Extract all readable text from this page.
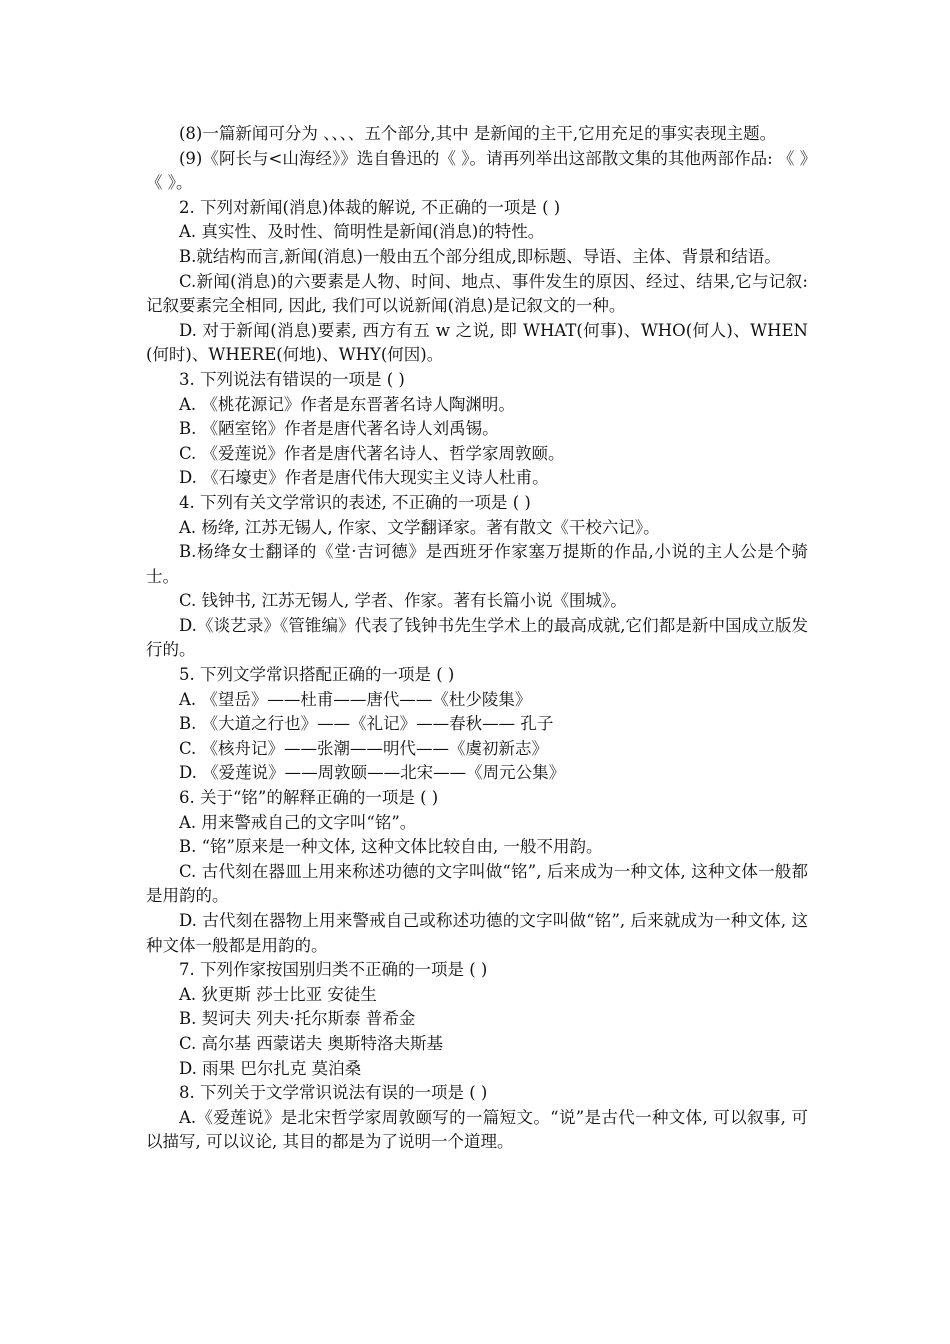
(8)一篇新闻可分为 、、、、五个部分,其中 是新闻的主干,它用充足的事实表现主题。

(9)《阿长与<山海经》》选自鲁迅的《 》。请再列举出这部散文集的其他两部作品: 《 》《 》。

2. 下列对新闻(消息)体裁的解说, 不正确的一项是 ( )

A. 真实性、及时性、简明性是新闻(消息)的特性。

B.就结构而言,新闻(消息)一般由五个部分组成,即标题、导语、主体、背景和结语。

C.新闻(消息)的六要素是人物、时间、地点、事件发生的原因、经过、结果,它与记叙: 记叙要素完全相同, 因此, 我们可以说新闻(消息)是记叙文的一种。

D. 对于新闻(消息)要素, 西方有五 w 之说, 即 WHAT(何事)、WHO(何人)、WHEN (何时)、WHERE(何地)、WHY(何因)。

3. 下列说法有错误的一项是 ( )

A. 《桃花源记》作者是东晋著名诗人陶渊明。

B. 《陋室铭》作者是唐代著名诗人刘禹锡。

C. 《爱莲说》作者是唐代著名诗人、哲学家周敦颐。

D. 《石壕吏》作者是唐代伟大现实主义诗人杜甫。

4. 下列有关文学常识的表述, 不正确的一项是 ( )

A. 杨绛, 江苏无锡人, 作家、文学翻译家。著有散文《干校六记》。

B.杨绛女士翻译的《堂·吉诃德》是西班牙作家塞万提斯的作品,小说的主人公是个骑士。

C. 钱钟书, 江苏无锡人, 学者、作家。著有长篇小说《围城》。

D.《谈艺录》《管锥编》代表了钱钟书先生学术上的最高成就,它们都是新中国成立版发行的。

5. 下列文学常识搭配正确的一项是 ( )

A. 《望岳》——杜甫——唐代——《杜少陵集》

B. 《大道之行也》——《礼记》——春秋—— 孔子

C. 《核舟记》——张潮——明代——《虞初新志》

D. 《爱莲说》——周敦颐——北宋——《周元公集》

6. 关于“铭”的解释正确的一项是 ( )

A. 用来警戒自己的文字叫“铭”。

B. “铭”原来是一种文体, 这种文体比较自由, 一般不用韵。

C. 古代刻在器皿上用来称述功德的文字叫做“铭”, 后来成为一种文体, 这种文体一般都是用韵的。

D. 古代刻在器物上用来警戒自己或称述功德的文字叫做“铭”, 后来就成为一种文体, 这种文体一般都是用韵的。

7. 下列作家按国别归类不正确的一项是 ( )

A. 狄更斯 莎士比亚 安徒生

B. 契诃夫 列夫·托尔斯泰 普希金

C. 高尔基 西蒙诺夫 奥斯特洛夫斯基

D. 雨果 巴尔扎克 莫泊桑

8. 下列关于文学常识说法有误的一项是 ( )

A.《爱莲说》是北宋哲学家周敦颐写的一篇短文。“说”是古代一种文体, 可以叙事, 可以描写, 可以议论, 其目的都是为了说明一个道理。
